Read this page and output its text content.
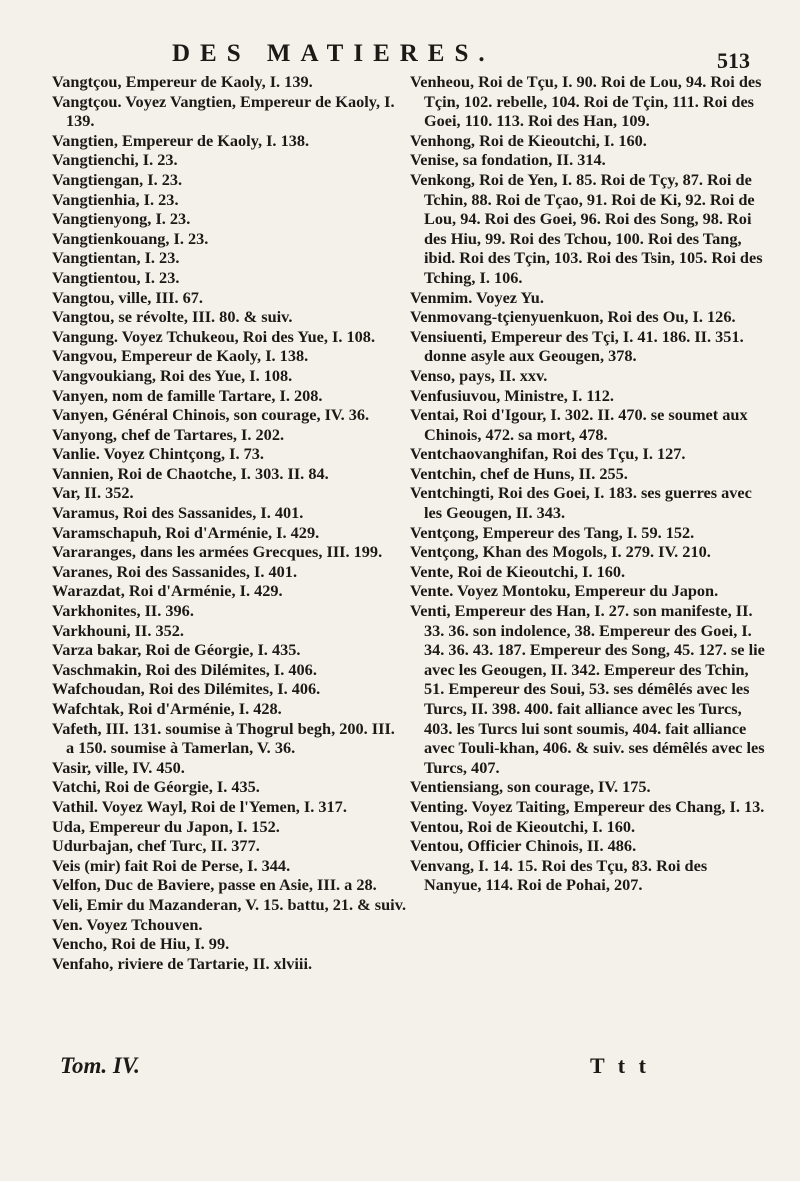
DES MATIERES.	513

Vangtçou, Empereur de Kaoly, I. 139.

Vangtçou. Voyez Vangtien, Empereur de Kaoly, I. 139.

Vangtien, Empereur de Kaoly, I. 138.

Vangtienchi, I. 23.

Vangtiengan, I. 23.

Vangtienhia, I. 23.

Vangtienyong, I. 23.

Vangtienkouang, I. 23.

Vangtientan, I. 23.

Vangtientou, I. 23.

Vangtou, ville, III. 67.

Vangtou, se révolte, III. 80. & suiv.

Vangung. Voyez Tchukeou, Roi des Yue, I. 108.

Vangvou, Empereur de Kaoly, I. 138.

Vangvoukiang, Roi des Yue, I. 108.

Vanyen, nom de famille Tartare, I. 208.

Vanyen, Général Chinois, son courage, IV. 36.

Vanyong, chef de Tartares, I. 202.

Vanlie. Voyez Chintçong, I. 73.

Vannien, Roi de Chaotche, I. 303. II. 84.

Var, II. 352.

Varamus, Roi des Sassanides, I. 401.

Varamschapuh, Roi d'Arménie, I. 429.

Vararanges, dans les armées Grecques, III. 199.

Varanes, Roi des Sassanides, I. 401.

Warazdat, Roi d'Arménie, I. 429.

Varkhonites, II. 396.

Varkhouni, II. 352.

Varza bakar, Roi de Géorgie, I. 435.

Vaschmakin, Roi des Dilémites, I. 406.

Wafchoudan, Roi des Dilémites, I. 406.

Wafchtak, Roi d'Arménie, I. 428.

Vafeth, III. 131. soumise à Thogrul begh, 200. III. a 150. soumise à Tamerlan, V. 36.

Vasir, ville, IV. 450.

Vatchi, Roi de Géorgie, I. 435.

Vathil. Voyez Wayl, Roi de l'Yemen, I. 317.

Uda, Empereur du Japon, I. 152.

Udurbajan, chef Turc, II. 377.

Veis (mir) fait Roi de Perse, I. 344.

Velfon, Duc de Baviere, passe en Asie, III. a 28.

Veli, Emir du Mazanderan, V. 15. battu, 21. & suiv.

Ven. Voyez Tchouven.

Vencho, Roi de Hiu, I. 99.

Venfaho, riviere de Tartarie, II. xlviii.

Venheou, Roi de Tçu, I. 90. Roi de Lou, 94. Roi des Tçin, 102. rebelle, 104. Roi de Tçin, 111. Roi des Goei, 110. 113. Roi des Han, 109.

Venhong, Roi de Kieoutchi, I. 160.

Venise, sa fondation, II. 314.

Venkong, Roi de Yen, I. 85. Roi de Tçy, 87. Roi de Tchin, 88. Roi de Tçao, 91. Roi de Ki, 92. Roi de Lou, 94. Roi des Goei, 96. Roi des Song, 98. Roi des Hiu, 99. Roi des Tchou, 100. Roi des Tang, ibid. Roi des Tçin, 103. Roi des Tsin, 105. Roi des Tching, I. 106.

Venmim. Voyez Yu.

Venmovang-tçienyuenkuon, Roi des Ou, I. 126.

Vensiuenti, Empereur des Tçi, I. 41. 186. II. 351. donne asyle aux Geougen, 378.

Venso, pays, II. xxv.

Venfusiuvou, Ministre, I. 112.

Ventai, Roi d'Igour, I. 302. II. 470. se soumet aux Chinois, 472. sa mort, 478.

Ventchaovanghifan, Roi des Tçu, I. 127.

Ventchin, chef de Huns, II. 255.

Ventchingti, Roi des Goei, I. 183. ses guerres avec les Geougen, II. 343.

Ventçong, Empereur des Tang, I. 59. 152.

Ventçong, Khan des Mogols, I. 279. IV. 210.

Vente, Roi de Kieoutchi, I. 160.

Vente. Voyez Montoku, Empereur du Japon.

Venti, Empereur des Han, I. 27. son manifeste, II. 33. 36. son indolence, 38. Empereur des Goei, I. 34. 36. 43. 187. Empereur des Song, 45. 127. se lie avec les Geougen, II. 342. Empereur des Tchin, 51. Empereur des Soui, 53. ses démêlés avec les Turcs, II. 398. 400. fait alliance avec les Turcs, 403. les Turcs lui sont soumis, 404. fait alliance avec Touli-khan, 406. & suiv. ses démêlés avec les Turcs, 407.

Ventiensiang, son courage, IV. 175.

Venting. Voyez Taiting, Empereur des Chang, I. 13.

Ventou, Roi de Kieoutchi, I. 160.

Ventou, Officier Chinois, II. 486.

Venvang, I. 14. 15. Roi des Tçu, 83. Roi des Nanyue, 114. Roi de Pohai, 207.

Tom. IV.	T t t
